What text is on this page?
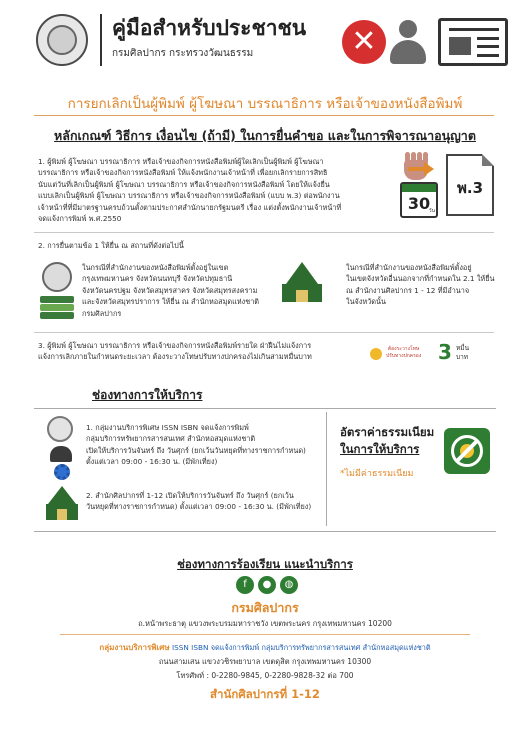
คู่มือสำหรับประชาชน
กรมศิลปากร กระทรวงวัฒนธรรม	✕
การยกเลิกเป็นผู้พิมพ์ ผู้โฆษณา บรรณาธิการ หรือเจ้าของหนังสือพิมพ์
หลักเกณฑ์ วิธีการ เงื่อนไข (ถ้ามี) ในการยื่นคำขอ และในการพิจารณาอนุญาต
1. ผู้พิมพ์ ผู้โฆษณา บรรณาธิการ หรือเจ้าของกิจการหนังสือพิมพ์ผู้ใดเลิกเป็นผู้พิมพ์ ผู้โฆษณา
บรรณาธิการ หรือเจ้าของกิจการหนังสือพิมพ์ ให้แจ้งพนักงานเจ้าหน้าที่ เพื่อยกเลิกรายการสิทธิ
นับแต่วันที่เลิกเป็นผู้พิมพ์ ผู้โฆษณา บรรณาธิการ หรือเจ้าของกิจการหนังสือพิมพ์ โดยให้แจ้งยื่น
แบบเลิกเป็นผู้พิมพ์ ผู้โฆษณา บรรณาธิการ หรือเจ้าของกิจการหนังสือพิมพ์ (แบบ พ.3) ต่อพนักงาน
เจ้าหน้าที่ที่มีมาตรฐานครบถ้วนตั้งตามประกาศสำนักนายกรัฐมนตรี เรื่อง แต่งตั้งพนักงานเจ้าหน้าที่
จดแจ้งการพิมพ์ พ.ศ.2550
30
วัน
พ.3
2. การยื่นตามข้อ 1 ให้ยื่น ณ สถานที่ดังต่อไปนี้
ในกรณีที่สำนักงานของหนังสือพิมพ์ตั้งอยู่ในเขต
กรุงเทพมหานคร จังหวัดนนทบุรี จังหวัดปทุมธานี
จังหวัดนครปฐม จังหวัดสมุทรสาคร จังหวัดสมุทรสงคราม
และจังหวัดสมุทรปราการ ให้ยื่น ณ สำนักหอสมุดแห่งชาติ
กรมศิลปากร
ในกรณีที่สำนักงานของหนังสือพิมพ์ตั้งอยู่
ในเขตจังหวัดอื่นนอกจากที่กำหนดใน 2.1 ให้ยื่น
ณ สำนักงานศิลปากร 1 - 12 ที่มีอำนาจ
ในจังหวัดนั้น
3. ผู้พิมพ์ ผู้โฆษณา บรรณาธิการ หรือเจ้าของกิจการหนังสือพิมพ์รายใด ฝ่าฝืนไม่แจ้งการ
แจ้งการเลิกภายในกำหนดระยะเวลา ต้องระวางโทษปรับทางปกครองไม่เกินสามหมื่นบาท
ต้องระวางโทษ
ปรับทางปกครอง 3 หมื่น
บาท
ช่องทางการให้บริการ
1. กลุ่มงานบริการพิเศษ ISSN ISBN จดแจ้งการพิมพ์
กลุ่มบริการทรัพยากรสารสนเทศ สำนักหอสมุดแห่งชาติ
เปิดให้บริการวันจันทร์ ถึง วันศุกร์ (ยกเว้นวันหยุดที่ทางราชการกำหนด)
ตั้งแต่เวลา 09:00 - 16:30 น. (มีพักเที่ยง)
2. สำนักศิลปากรที่ 1-12 เปิดให้บริการวันจันทร์ ถึง วันศุกร์ (ยกเว้น
วันหยุดที่ทางราชการกำหนด) ตั้งแต่เวลา 09:00 - 16:30 น. (มีพักเที่ยง)
อัตราค่าธรรมเนียม
ในการให้บริการ
*ไม่มีค่าธรรมเนียม
ช่องทางการร้องเรียน แนะนำบริการ
f	●	◍
กรมศิลปากร
ถ.หน้าพระธาตุ แขวงพระบรมมหาราชวัง เขตพระนคร กรุงเทพมหานคร 10200
กลุ่มงานบริการพิเศษ ISSN ISBN จดแจ้งการพิมพ์ กลุ่มบริการทรัพยากรสารสนเทศ สำนักหอสมุดแห่งชาติ
ถนนสามเสน แขวงวชิรพยาบาล เขตดุสิต กรุงเทพมหานคร 10300
โทรศัพท์ : 0-2280-9845, 0-2280-9828-32 ต่อ 700
สำนักศิลปากรที่ 1-12
